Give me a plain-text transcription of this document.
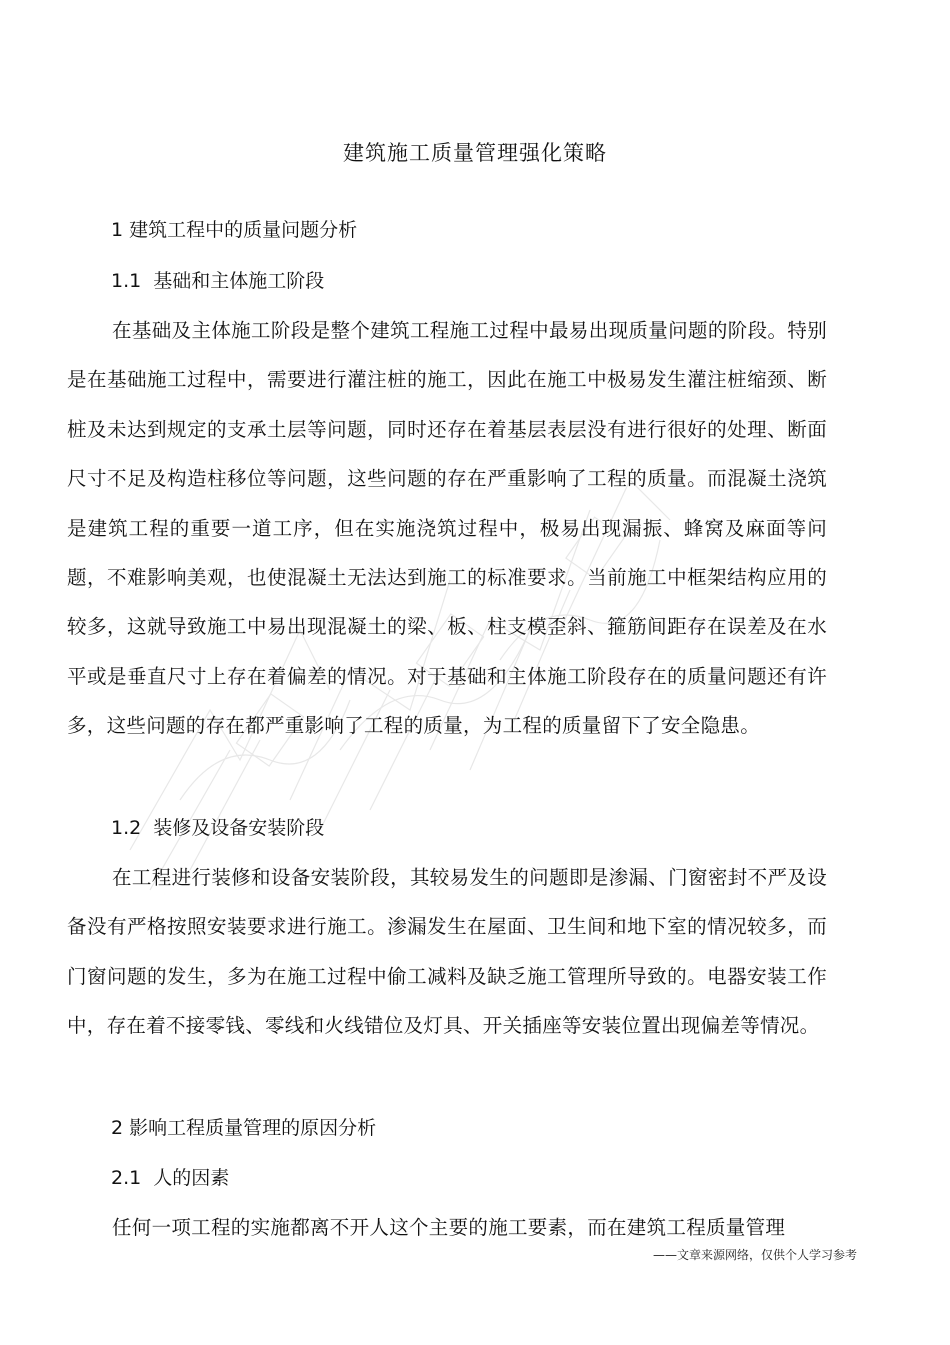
建筑施工质量管理强化策略
1 建筑工程中的质量问题分析
1.1  基础和主体施工阶段

在基础及主体施工阶段是整个建筑工程施工过程中最易出现质量问题的阶段。特别是在基础施工过程中，需要进行灌注桩的施工，因此在施工中极易发生灌注桩缩颈、断桩及未达到规定的支承土层等问题，同时还存在着基层表层没有进行很好的处理、断面尺寸不足及构造柱移位等问题，这些问题的存在严重影响了工程的质量。而混凝土浇筑是建筑工程的重要一道工序，但在实施浇筑过程中，极易出现漏振、蜂窝及麻面等问题，不难影响美观，也使混凝土无法达到施工的标准要求。当前施工中框架结构应用的较多，这就导致施工中易出现混凝土的梁、板、柱支模歪斜、箍筋间距存在误差及在水平或是垂直尺寸上存在着偏差的情况。对于基础和主体施工阶段存在的质量问题还有许多，这些问题的存在都严重影响了工程的质量，为工程的质量留下了安全隐患。

1.2  装修及设备安装阶段

在工程进行装修和设备安装阶段，其较易发生的问题即是渗漏、门窗密封不严及设备没有严格按照安装要求进行施工。渗漏发生在屋面、卫生间和地下室的情况较多，而门窗问题的发生，多为在施工过程中偷工减料及缺乏施工管理所导致的。电器安装工作中，存在着不接零钱、零线和火线错位及灯具、开关插座等安装位置出现偏差等情况。

2 影响工程质量管理的原因分析
2.1  人的因素

任何一项工程的实施都离不开人这个主要的施工要素，而在建筑工程质量管理

——文章来源网络，仅供个人学习参考
